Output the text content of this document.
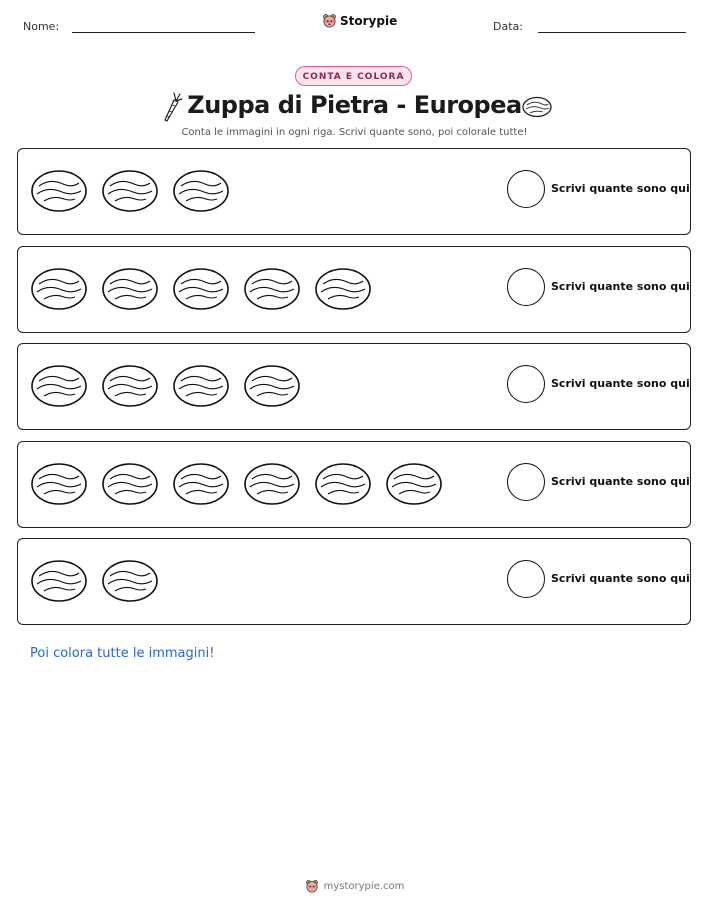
Nome:	Storypie	Data:
CONTA E COLORA
Zuppa di Pietra - Europea
Conta le immagini in ogni riga. Scrivi quante sono, poi colorale tutte!
Scrivi quante sono qui
Scrivi quante sono qui
Scrivi quante sono qui
Scrivi quante sono qui
Scrivi quante sono qui
Poi colora tutte le immagini!
mystorypie.com
